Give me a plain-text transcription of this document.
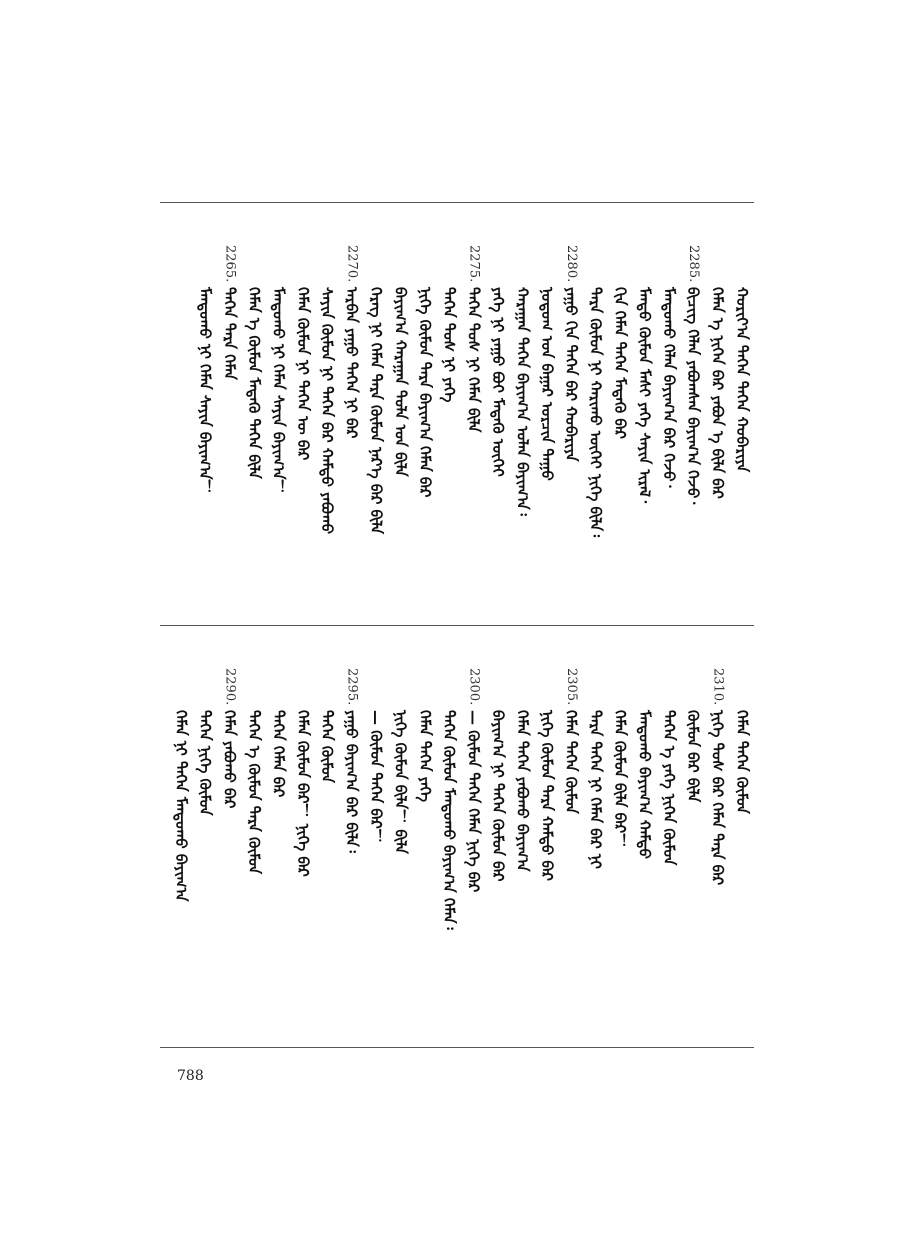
ᠬᠤᠷᠢᠶ᠎ᠠ ᠲᠡᠭᠡᠨ ᠲᠡᠭᠡᠨ ᠬᠤᠪᠠᠷᠢᠶᠠ
ᠬᠡᠮᠡᠨ ᠡ ᠨᠢᠭᠡᠨ ᠪᠡᠷ ᠶᠠᠪᠤᠨ ᠡ ᠪᠢᠯᠡ ᠪᠡᠷ
2285.
ᠪᠢᠴᠢᠭ ᠬᠡᠯᠡᠨ ᠶᠠᠪᠤᠭᠰᠠᠨ ᠪᠠᠶᠢᠭ᠎ᠠ ᠭᠡᠵᠦ᠂
ᠮᠠᠨᠳᠤᠬᠤ ᠬᠡᠯᠡᠨ ᠪᠠᠶᠢᠭ᠎ᠠ ᠪᠠᠷ ᠭᠡᠵᠦ᠂
ᠮᠡᠨᠳᠦ ᠬᠦᠮᠦᠨ ᠮᠠᠰᠢ ᠶᠡᠬᠡ ᠰᠠᠶᠢᠨ ᠢᠷᠡᠯ᠂
ᠬᠢᠨ ᠬᠡᠮᠡᠨ ᠲᠡᠭᠡᠨ ᠮᠡᠳᠡᠬᠦ ᠪᠠᠷ
ᠲᠡᠷᠡ ᠬᠦᠮᠦᠨ ᠨᠢ ᠬᠠᠷᠢᠬᠤ ᠦᠭᠡᠢ ᠨᠢᠭᠡ ᠪᠢᠯᠡ᠄
2280.
ᠶᠠᠭᠤ ᠬᠢᠨ ᠲᠡᠭᠡᠨ ᠪᠠᠷ ᠬᠤᠪᠠᠷᠢᠶᠠ
ᠨᠤᠲᠤᠭ ᠤᠨ ᠪᠠᠭᠠᠷ ᠤᠷᠴᠢᠨ ᠳᠠᠭᠤ
ᠬᠠᠷᠠᠭᠠᠨ ᠲᠡᠭᠡᠨ ᠪᠠᠶᠢᠭ᠎ᠠ ᠤᠯᠠᠨ ᠪᠠᠶᠢᠭ᠎ᠠ᠄
ᠶᠡᠬᠡ ᠨᠢ ᠶᠠᠭᠤ ᠪᠤᠢ ᠮᠡᠳᠡᠬᠦ ᠦᠭᠡᠢ
2275.
ᠲᠡᠭᠡᠨ ᠲᠤᠰ ᠨᠢ ᠬᠡᠮᠡᠨ ᠪᠢᠯᠡ
ᠲᠡᠭᠡᠨ ᠲᠤᠰ ᠨᠢ ᠶᠡᠬᠡ
ᠨᠢᠭᠡ ᠬᠦᠮᠦᠨ ᠲᠡᠷᠡ ᠪᠠᠶᠢᠭ᠎ᠠ ᠬᠡᠮᠡᠨ ᠪᠠᠷ
ᠪᠠᠶᠢᠭ᠎ᠠ ᠬᠠᠷᠠᠭᠠᠨ ᠲᠤᠯᠠ ᠤᠨ ᠪᠢᠯᠡ
ᠬᠡᠷᠡᠭ ᠨᠢ ᠬᠡᠮᠡᠨ ᠲᠡᠷᠡ ᠬᠦᠮᠦᠨ ᠨᠡᠷ᠎ᠡ ᠪᠠᠷ ᠪᠢᠯᠡ
2270.
ᠠᠷᠪᠠᠨ ᠶᠠᠭᠤ ᠲᠡᠭᠡᠨ ᠨᠢ ᠪᠠᠷ
ᠰᠠᠶᠢᠨ ᠬᠦᠮᠦᠨ ᠨᠢ ᠲᠡᠭᠡᠨ ᠪᠠᠷ ᠬᠠᠮᠲᠤ ᠶᠠᠪᠤᠬᠤ
ᠬᠡᠮᠡᠨ ᠬᠦᠮᠦᠨ ᠨᠢ ᠲᠡᠭᠡᠨ ᠦ ᠪᠠᠷ
ᠮᠠᠨᠳᠤᠬᠤ ᠨᠢ ᠬᠡᠮᠡᠨ ᠰᠠᠶᠢᠨ ᠪᠠᠶᠢᠭ᠎ᠠ！
ᠬᠡᠮᠡᠨ ᠡ ᠬᠦᠮᠦᠨ ᠮᠡᠳᠡᠬᠦ ᠲᠡᠭᠡᠨ ᠪᠢᠯᠡ
2265.
ᠲᠡᠭᠡᠨ ᠲᠡᠷᠡ ᠬᠡᠮᠡᠨ
ᠮᠠᠨᠳᠤᠬᠤ ᠨᠢ ᠬᠡᠮᠡᠨ ᠰᠠᠶᠢᠨ ᠪᠠᠶᠢᠭ᠎ᠠ！
ᠬᠡᠮᠡᠨ ᠲᠡᠭᠡᠨ ᠬᠦᠮᠦᠨ
2310.
ᠨᠢᠭᠡ ᠲᠤᠰ ᠪᠠᠷ ᠬᠡᠮᠡᠨ ᠲᠡᠷᠡ ᠪᠠᠷ
ᠬᠦᠮᠦᠨ ᠪᠠᠷ ᠪᠢᠯᠡ
ᠲᠡᠭᠡᠨ ᠡ ᠶᠡᠬᠡ ᠨᠢᠭᠡᠨ ᠬᠦᠮᠦᠨ
ᠮᠠᠨᠳᠤᠬᠤ ᠪᠠᠶᠢᠭ᠎ᠠ ᠬᠠᠮᠲᠤ
ᠬᠡᠮᠡᠨ ᠬᠦᠮᠦᠨ ᠪᠢᠯᠡ ᠪᠠᠷ！
ᠲᠡᠷᠡ ᠲᠡᠭᠡᠨ ᠨᠢ ᠬᠡᠮᠡᠨ ᠪᠠᠷ ᠨᠢ
2305.
ᠬᠡᠮᠡᠨ ᠲᠡᠭᠡᠨ ᠬᠦᠮᠦᠨ
ᠨᠢᠭᠡ ᠬᠦᠮᠦᠨ ᠲᠡᠷᠡ ᠬᠠᠮᠲᠤ ᠪᠠᠷ
ᠬᠡᠮᠡᠨ ᠲᠡᠭᠡᠨ ᠶᠠᠪᠤᠬᠤ ᠪᠠᠶᠢᠭ᠎ᠠ
ᠪᠠᠶᠢᠭ᠎ᠠ ᠨᠢ ᠲᠡᠭᠡᠨ ᠬᠦᠮᠦᠨ ᠪᠠᠷ
2300.
— ᠬᠦᠮᠦᠨ ᠲᠡᠭᠡᠨ ᠬᠡᠮᠡᠨ ᠨᠢᠭᠡ ᠪᠠᠷ
ᠲᠡᠭᠡᠨ ᠬᠦᠮᠦᠨ ᠮᠠᠨᠳᠤᠬᠤ ᠪᠠᠶᠢᠭ᠎ᠠ ᠬᠡᠮᠡᠨ᠄
ᠬᠡᠮᠡᠨ ᠲᠡᠭᠡᠨ ᠶᠡᠬᠡ
ᠨᠢᠭᠡ ᠬᠦᠮᠦᠨ ᠪᠢᠯᠡ！ ᠪᠢᠯᠡ
— ᠬᠦᠮᠦᠨ ᠲᠡᠭᠡᠨ ᠪᠠᠷ！
2295.
ᠶᠠᠭᠤ ᠪᠠᠶᠢᠭ᠎ᠠ ᠪᠠᠷ ᠪᠢᠯᠡ᠄
ᠲᠡᠭᠡᠨ ᠬᠦᠮᠦᠨ
ᠬᠡᠮᠡᠨ ᠬᠦᠮᠦᠨ ᠪᠠᠷ！ ᠨᠢᠭᠡ ᠪᠠᠷ
ᠲᠡᠭᠡᠨ ᠬᠡᠮᠡᠨ ᠪᠠᠷ
ᠲᠡᠭᠡᠨ ᠡ ᠬᠦᠮᠦᠨ ᠲᠡᠷᠡ ᠬᠦᠮᠦᠨ
2290.
ᠬᠡᠮᠡᠨ ᠶᠠᠪᠤᠬᠤ ᠪᠠᠷ
ᠲᠡᠭᠡᠨ ᠨᠢᠭᠡ ᠬᠦᠮᠦᠨ
ᠬᠡᠮᠡᠨ ᠨᠢ ᠲᠡᠭᠡᠨ ᠮᠠᠨᠳᠤᠬᠤ ᠪᠠᠶᠢᠭ᠎ᠠ
788
